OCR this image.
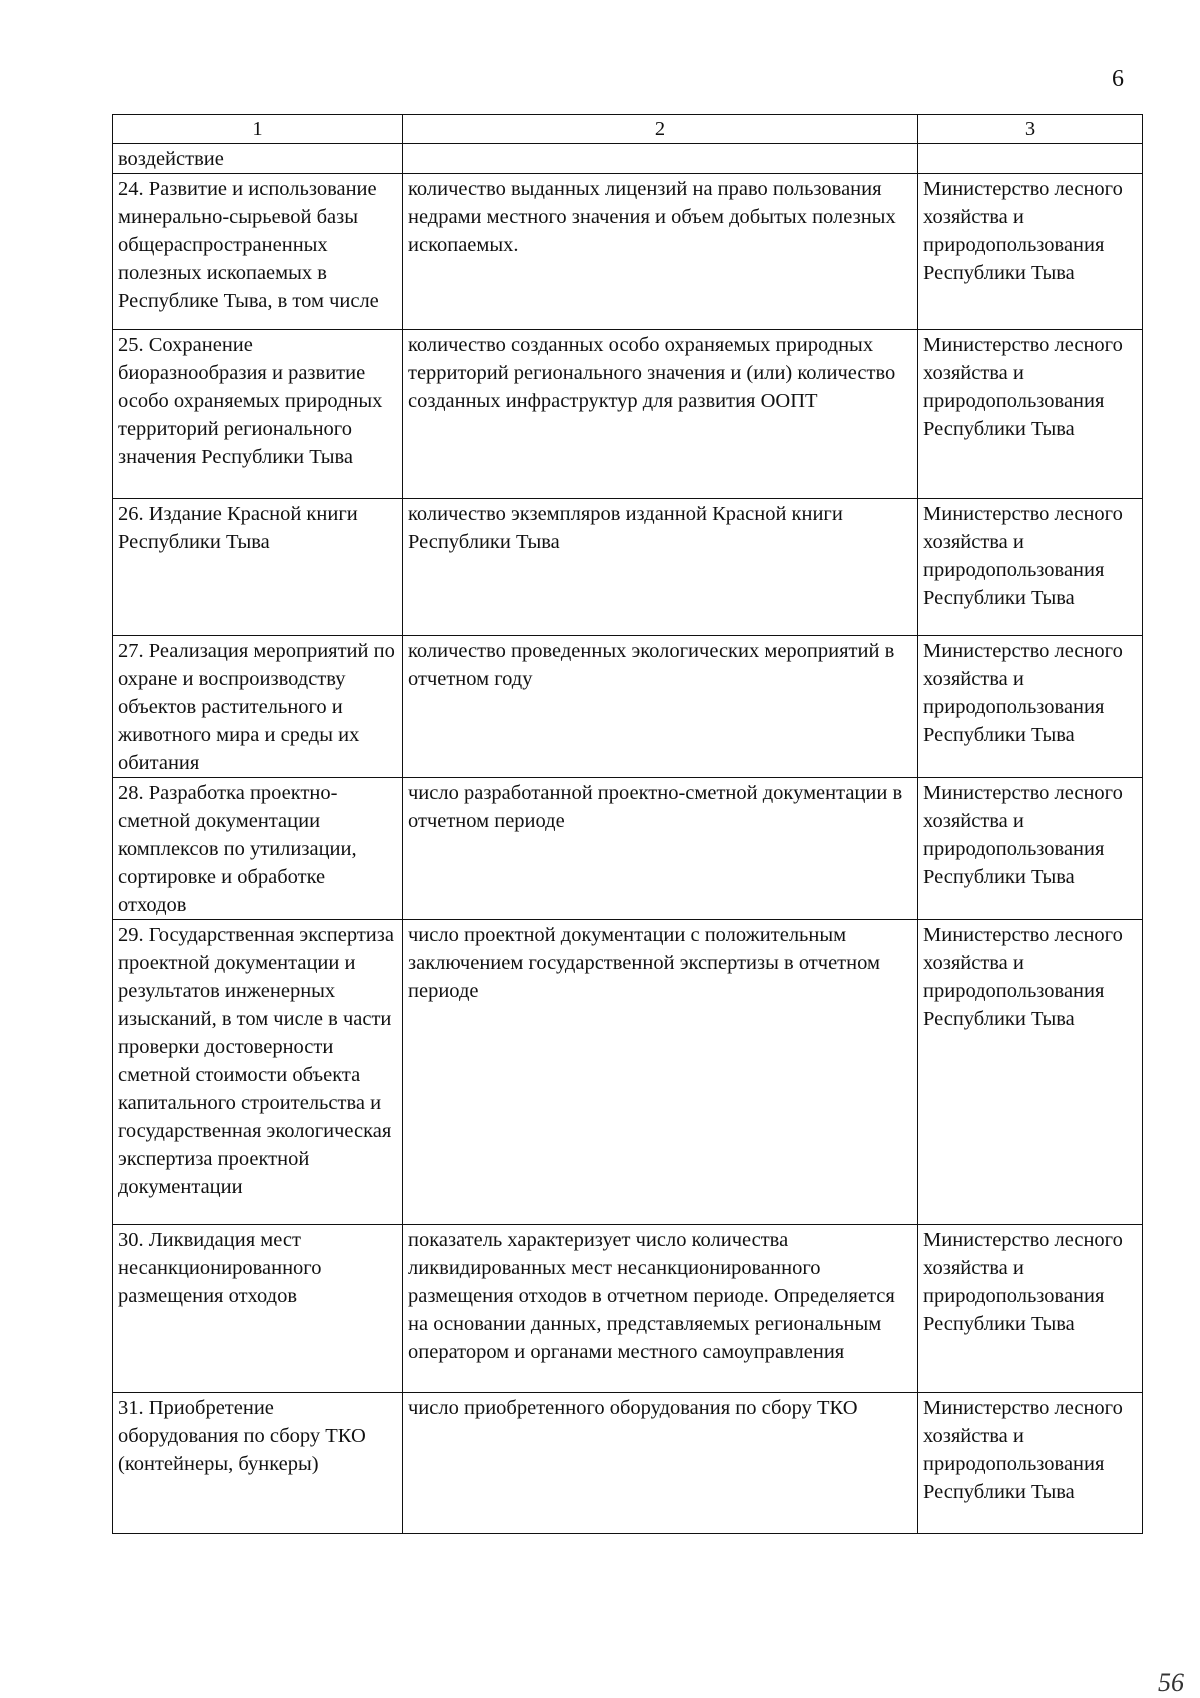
6
1	2	3
воздействие		
24. Развитие и использование минерально-сырьевой базы общераспространенных полезных ископаемых в Республике Тыва, в том числе	количество выданных лицензий на право пользования недрами местного значения и объем добытых полезных ископаемых.	Министерство лесного хозяйства и природопользования Республики Тыва
25. Сохранение биоразнообразия и развитие особо охраняемых природных территорий регионального значения Республики Тыва	количество созданных особо охраняемых природных территорий регионального значения и (или) количество созданных инфраструктур для развития ООПТ	Министерство лесного хозяйства и природопользования Республики Тыва
26. Издание Красной книги Республики Тыва	количество экземпляров изданной Красной книги Республики Тыва	Министерство лесного хозяйства и природопользования Республики Тыва
27. Реализация мероприятий по охране и воспроизводству объектов растительного и животного мира и среды их обитания	количество проведенных экологических мероприятий в отчетном году	Министерство лесного хозяйства и природопользования Республики Тыва
28. Разработка проектно-сметной документации комплексов по утилизации, сортировке и обработке отходов	число разработанной проектно-сметной документации в отчетном периоде	Министерство лесного хозяйства и природопользования Республики Тыва
29. Государственная экспертиза проектной документации и результатов инженерных изысканий, в том числе в части проверки достоверности сметной стоимости объекта капитального строительства и государственная экологическая экспертиза проектной документации	число проектной документации с положительным заключением государственной экспертизы в отчетном периоде	Министерство лесного хозяйства и природопользования Республики Тыва
30. Ликвидация мест несанкционированного размещения отходов	показатель характеризует число количества ликвидированных мест несанкционированного размещения отходов в отчетном периоде. Определяется на основании данных, представляемых региональным оператором и органами местного самоуправления	Министерство лесного хозяйства и природопользования Республики Тыва
31. Приобретение оборудования по сбору ТКО (контейнеры, бункеры)	число приобретенного оборудования по сбору ТКО	Министерство лесного хозяйства и природопользования Республики Тыва
56
